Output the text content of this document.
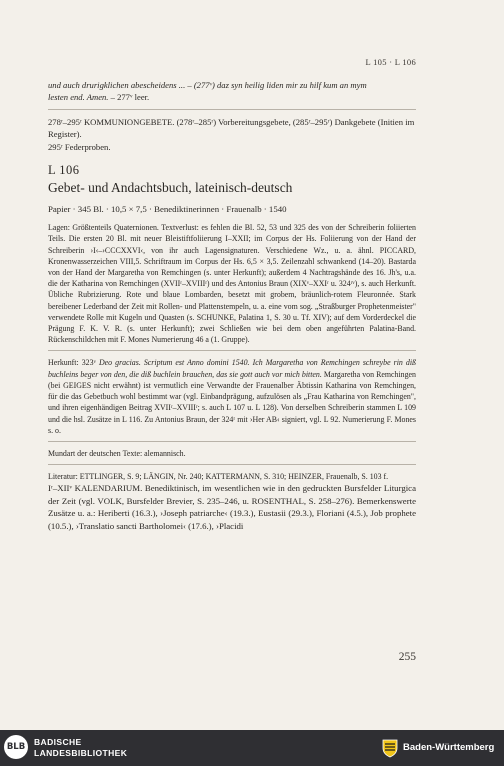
L 105 · L 106

und auch drurigklichen abescheidens ... – (277ᵛ) daz syn heilig liden mir zu hilf kum an mym
lesten end. Amen. – 277ᵛ leer.

278ʳ–295ʳ KOMMUNIONGEBETE. (278ʳ–285ʳ) Vorbereitungsgebete, (285ʳ–295ʳ) Dankgebete (Initien im Register).

295ʳ Federproben.

L 106
Gebet- und Andachtsbuch, lateinisch-deutsch
Papier · 345 Bl. · 10,5 × 7,5 · Benediktinerinnen · Frauenalb · 1540

Lagen: Größtenteils Quaternionen. Textverlust: es fehlen die Bl. 52, 53 und 325 des von der Schreiberin foliierten Teils. Die ersten 20 Bl. mit neuer Bleistiftfoliierung I–XXII; im Corpus der Hs. Foliierung von der Hand der Schreiberin ›I‹–›CCCXXVI‹, von ihr auch Lagensignaturen. Verschiedene Wz., u. a. ähnl. PICCARD, Kronenwasserzeichen VIII,5. Schriftraum im Corpus der Hs. 6,5 × 3,5. Zeilenzahl schwankend (14–20). Bastarda von der Hand der Margaretha von Remchingen (s. unter Herkunft); außerdem 4 Nachtragshände des 16. Jh's, u.a. die der Katharina von Remchingen (XVIIʳ–XVIIIʳ) und des Antonius Braun (XIXᵛ–XXIʳ u. 324ʳᵛ), s. auch Herkunft. Übliche Rubrizierung. Rote und blaue Lombarden, besetzt mit grobem, bräunlich-rotem Fleuronnée. Stark bereibener Lederband der Zeit mit Rollen- und Plattenstempeln, u. a. eine vom sog. „Straßburger Prophetenmeister" verwendete Rolle mit Kugeln und Quasten (s. SCHUNKE, Palatina 1, S. 30 u. Tf. XIV); auf dem Vorderdeckel die Prägung F. K. V. R. (s. unter Herkunft); zwei Schließen wie bei dem oben angeführten Palatina-Band. Rückenschildchen mit F. Mones Numerierung 46 a (1. Gruppe).

Herkunft: 323ᵛ Deo gracias. Scriptum est Anno domini 1540. Ich Margaretha von Remchingen schreybe rin diß buchleins beger von den, die diß buchlein brauchen, das sie gott auch vor mich bitten. Margaretha von Remchingen (bei GEIGES nicht erwähnt) ist vermutlich eine Verwandte der Frauenalber Äbtissin Katharina von Remchingen, für die das Gebetbuch wohl bestimmt war (vgl. Einbandprägung, aufzulösen als „Frau Katharina von Remchingen", und ihren eigenhändigen Beitrag XVIIʳ–XVIIIʳ; s. auch L 107 u. L 128). Von derselben Schreiberin stammen L 109 und die hsl. Zusätze in L 116. Zu Antonius Braun, der 324ʳ mit ›Her AB‹ signiert, vgl. L 92. Numerierung F. Mones s. o.

Mundart der deutschen Texte: alemannisch.

Literatur: ETTLINGER, S. 9; LÄNGIN, Nr. 240; KATTERMANN, S. 310; HEINZER, Frauenalb, S. 103 f.

Iʳ–XIIᵛ KALENDARIUM. Benediktinisch, im wesentlichen wie in den gedruckten Bursfelder Liturgica der Zeit (vgl. VOLK, Bursfelder Brevier, S. 235–246, u. ROSENTHAL, S. 258–276). Bemerkenswerte Zusätze u. a.: Heriberti (16.3.), ›Joseph patriarche‹ (19.3.), Eustasii (29.3.), Floriani (4.5.), Job prophete (10.5.), ›Translatio sancti Bartholomei‹ (17.6.), ›Placidi

255
BLB	BADISCHE
LANDESBIBLIOTHEK	Baden-Württemberg
